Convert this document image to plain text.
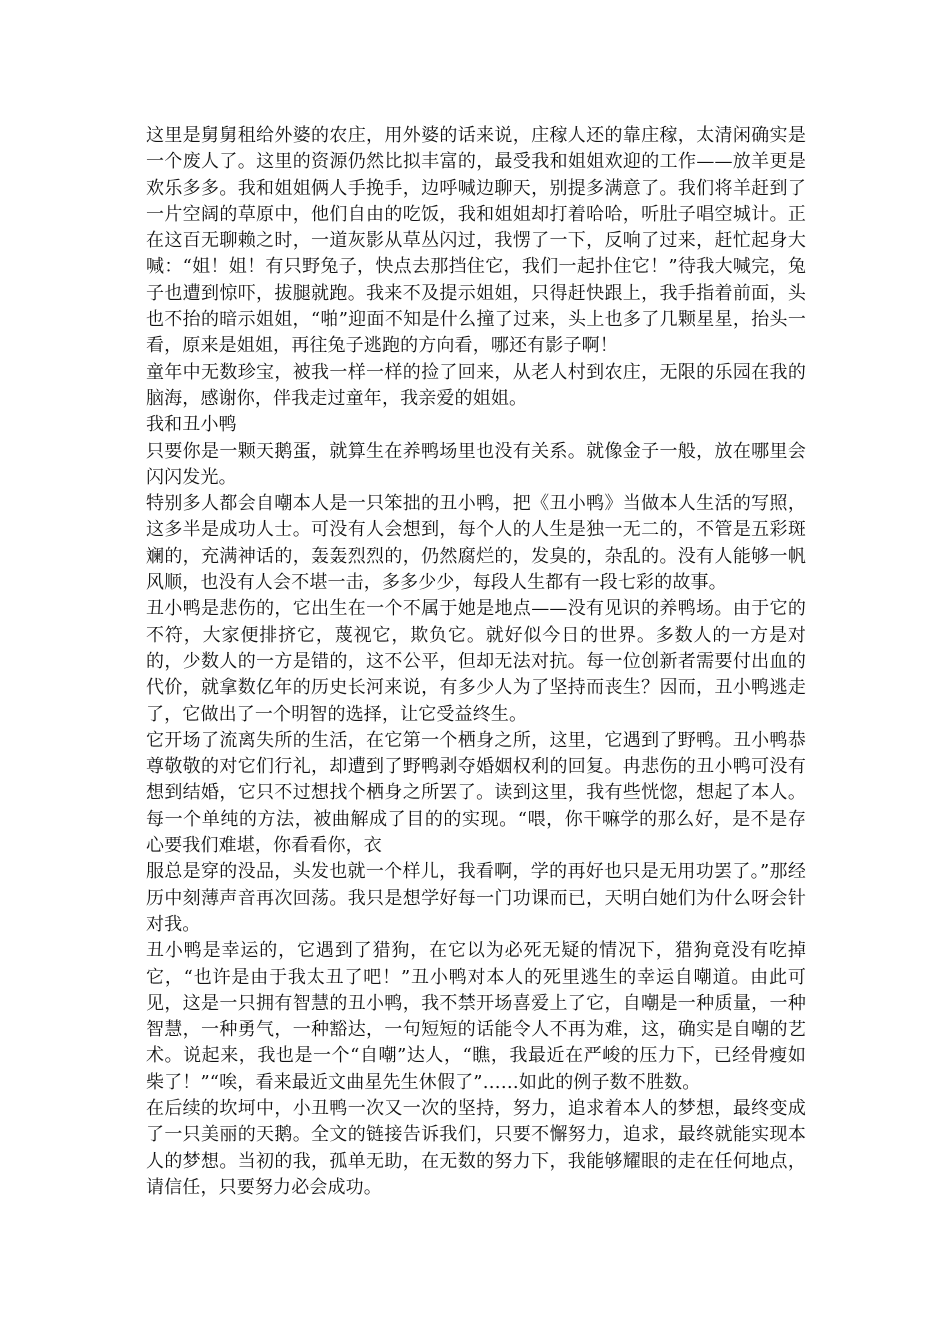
这里是舅舅租给外婆的农庄，用外婆的话来说，庄稼人还的靠庄稼，太清闲确实是一个废人了。这里的资源仍然比拟丰富的，最受我和姐姐欢迎的工作——放羊更是欢乐多多。我和姐姐俩人手挽手，边呼喊边聊天，别提多满意了。我们将羊赶到了一片空阔的草原中，他们自由的吃饭，我和姐姐却打着哈哈，听肚子唱空城计。正在这百无聊赖之时，一道灰影从草丛闪过，我愣了一下，反响了过来，赶忙起身大喊：“姐！姐！有只野兔子，快点去那挡住它，我们一起扑住它！”待我大喊完，兔子也遭到惊吓，拔腿就跑。我来不及提示姐姐，只得赶快跟上，我手指着前面，头也不抬的暗示姐姐，“啪”迎面不知是什么撞了过来，头上也多了几颗星星，抬头一看，原来是姐姐，再往兔子逃跑的方向看，哪还有影子啊！

童年中无数珍宝，被我一样一样的捡了回来，从老人村到农庄，无限的乐园在我的脑海，感谢你，伴我走过童年，我亲爱的姐姐。

我和丑小鸭

只要你是一颗天鹅蛋，就算生在养鸭场里也没有关系。就像金子一般，放在哪里会闪闪发光。

特别多人都会自嘲本人是一只笨拙的丑小鸭，把《丑小鸭》当做本人生活的写照，这多半是成功人士。可没有人会想到，每个人的人生是独一无二的，不管是五彩斑斓的，充满神话的，轰轰烈烈的，仍然腐烂的，发臭的，杂乱的。没有人能够一帆风顺，也没有人会不堪一击，多多少少，每段人生都有一段七彩的故事。

丑小鸭是悲伤的，它出生在一个不属于她是地点——没有见识的养鸭场。由于它的不符，大家便排挤它，蔑视它，欺负它。就好似今日的世界。多数人的一方是对的，少数人的一方是错的，这不公平，但却无法对抗。每一位创新者需要付出血的代价，就拿数亿年的历史长河来说，有多少人为了坚持而丧生？因而，丑小鸭逃走了，它做出了一个明智的选择，让它受益终生。

它开场了流离失所的生活，在它第一个栖身之所，这里，它遇到了野鸭。丑小鸭恭尊敬敬的对它们行礼，却遭到了野鸭剥夺婚姻权利的回复。冉悲伤的丑小鸭可没有想到结婚，它只不过想找个栖身之所罢了。读到这里，我有些恍惚，想起了本人。每一个单纯的方法，被曲解成了目的的实现。“喂，你干嘛学的那么好，是不是存心要我们难堪，你看看你，衣

服总是穿的没品，头发也就一个样儿，我看啊，学的再好也只是无用功罢了。”那经历中刻薄声音再次回荡。我只是想学好每一门功课而已，天明白她们为什么呀会针对我。

丑小鸭是幸运的，它遇到了猎狗，在它以为必死无疑的情况下，猎狗竟没有吃掉它，“也许是由于我太丑了吧！”丑小鸭对本人的死里逃生的幸运自嘲道。由此可见，这是一只拥有智慧的丑小鸭，我不禁开场喜爱上了它，自嘲是一种质量，一种智慧，一种勇气，一种豁达，一句短短的话能令人不再为难，这，确实是自嘲的艺术。说起来，我也是一个“自嘲”达人，“瞧，我最近在严峻的压力下，已经骨瘦如柴了！”“唉，看来最近文曲星先生休假了”……如此的例子数不胜数。

在后续的坎坷中，小丑鸭一次又一次的坚持，努力，追求着本人的梦想，最终变成了一只美丽的天鹅。全文的链接告诉我们，只要不懈努力，追求，最终就能实现本人的梦想。当初的我，孤单无助，在无数的努力下，我能够耀眼的走在任何地点，请信任，只要努力必会成功。
